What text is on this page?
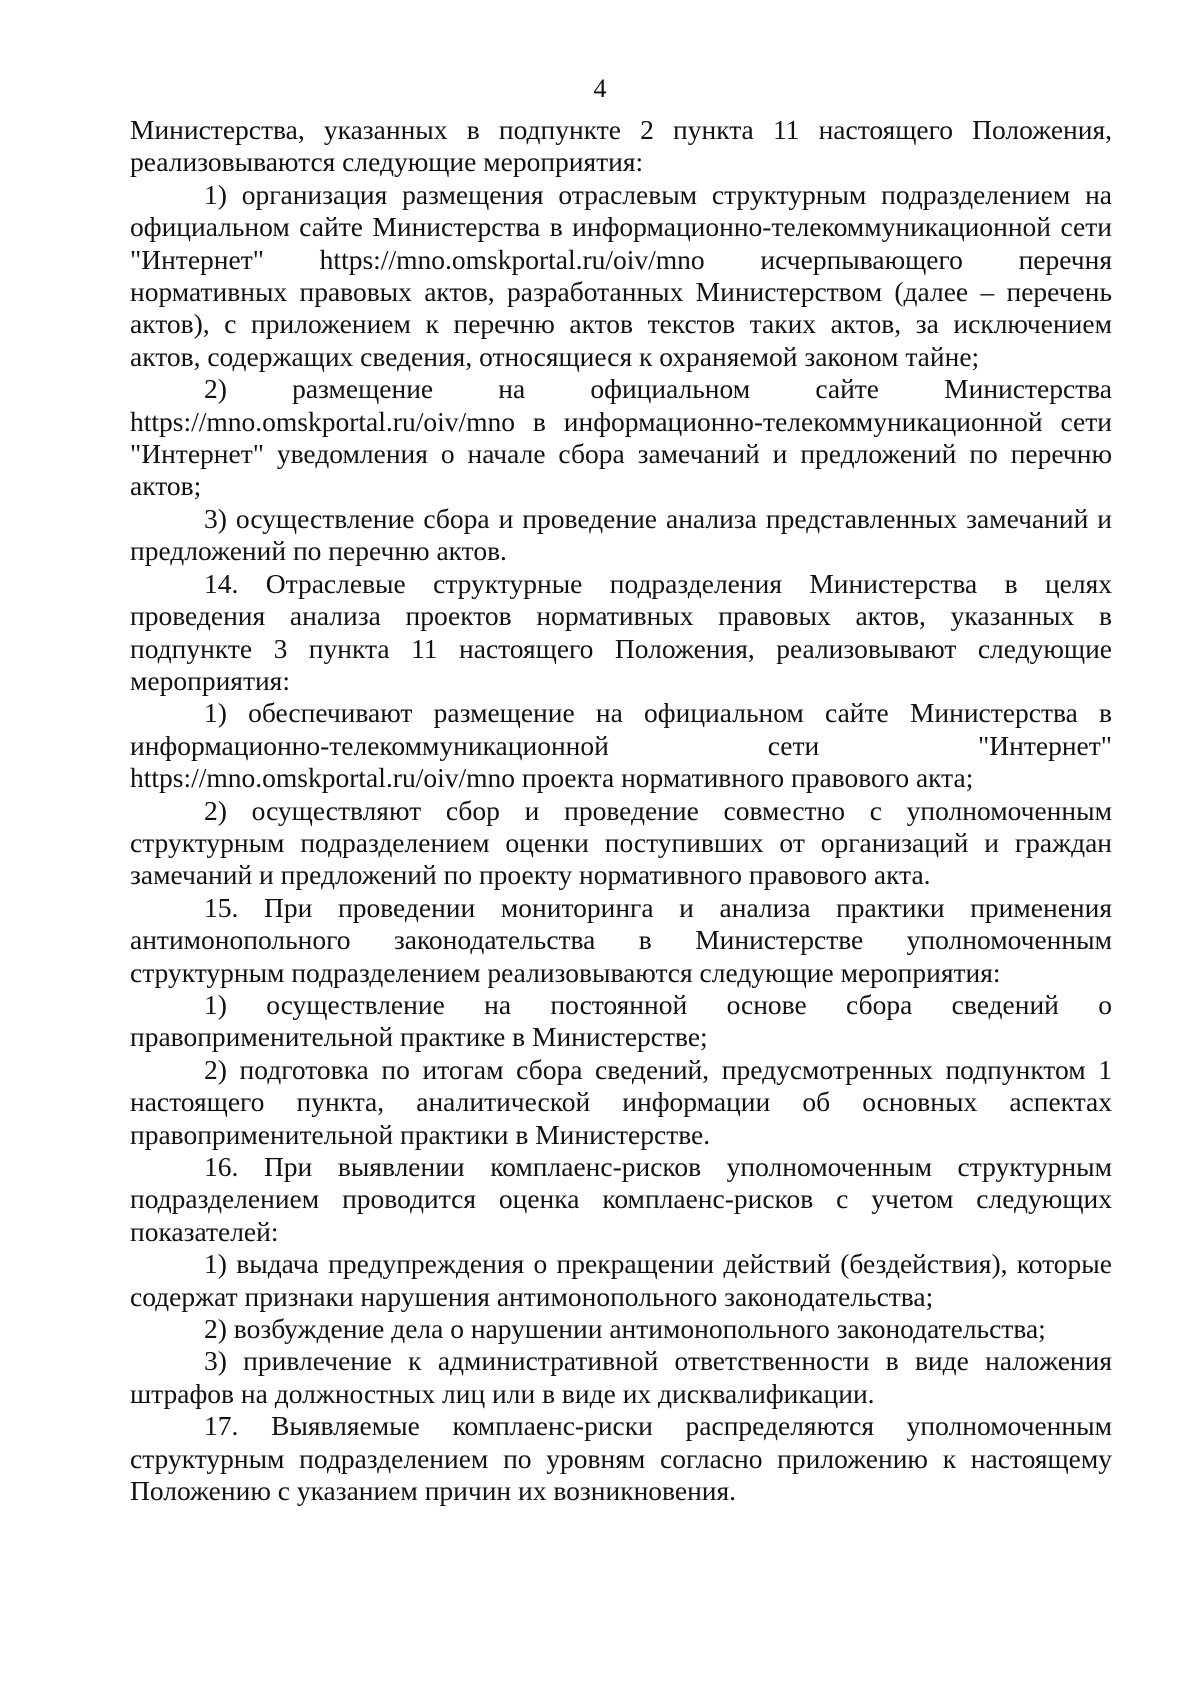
4

Министерства, указанных в подпункте 2 пункта 11 настоящего Положения, реализовываются следующие мероприятия:

1) организация размещения отраслевым структурным подразделением на официальном сайте Министерства в информационно-телекоммуникационной сети "Интернет" https://mno.omskportal.ru/oiv/mno исчерпывающего перечня нормативных правовых актов, разработанных Министерством (далее – перечень актов), с приложением к перечню актов текстов таких актов, за исключением актов, содержащих сведения, относящиеся к охраняемой законом тайне;

2) размещение на официальном сайте Министерства https://mno.omskportal.ru/oiv/mno в информационно-телекоммуникационной сети "Интернет" уведомления о начале сбора замечаний и предложений по перечню актов;

3) осуществление сбора и проведение анализа представленных замечаний и предложений по перечню актов.

14. Отраслевые структурные подразделения Министерства в целях проведения анализа проектов нормативных правовых актов, указанных в подпункте 3 пункта 11 настоящего Положения, реализовывают следующие мероприятия:

1) обеспечивают размещение на официальном сайте Министерства в информационно-телекоммуникационной сети "Интернет" https://mno.omskportal.ru/oiv/mno проекта нормативного правового акта;

2) осуществляют сбор и проведение совместно с уполномоченным структурным подразделением оценки поступивших от организаций и граждан замечаний и предложений по проекту нормативного правового акта.

15. При проведении мониторинга и анализа практики применения антимонопольного законодательства в Министерстве уполномоченным структурным подразделением реализовываются следующие мероприятия:

1) осуществление на постоянной основе сбора сведений о правоприменительной практике в Министерстве;

2) подготовка по итогам сбора сведений, предусмотренных подпунктом 1 настоящего пункта, аналитической информации об основных аспектах правоприменительной практики в Министерстве.

16. При выявлении комплаенс-рисков уполномоченным структурным подразделением проводится оценка комплаенс-рисков с учетом следующих показателей:

1) выдача предупреждения о прекращении действий (бездействия), которые содержат признаки нарушения антимонопольного законодательства;

2) возбуждение дела о нарушении антимонопольного законодательства;

3) привлечение к административной ответственности в виде наложения штрафов на должностных лиц или в виде их дисквалификации.

17. Выявляемые комплаенс-риски распределяются уполномоченным структурным подразделением по уровням согласно приложению к настоящему Положению с указанием причин их возникновения.
